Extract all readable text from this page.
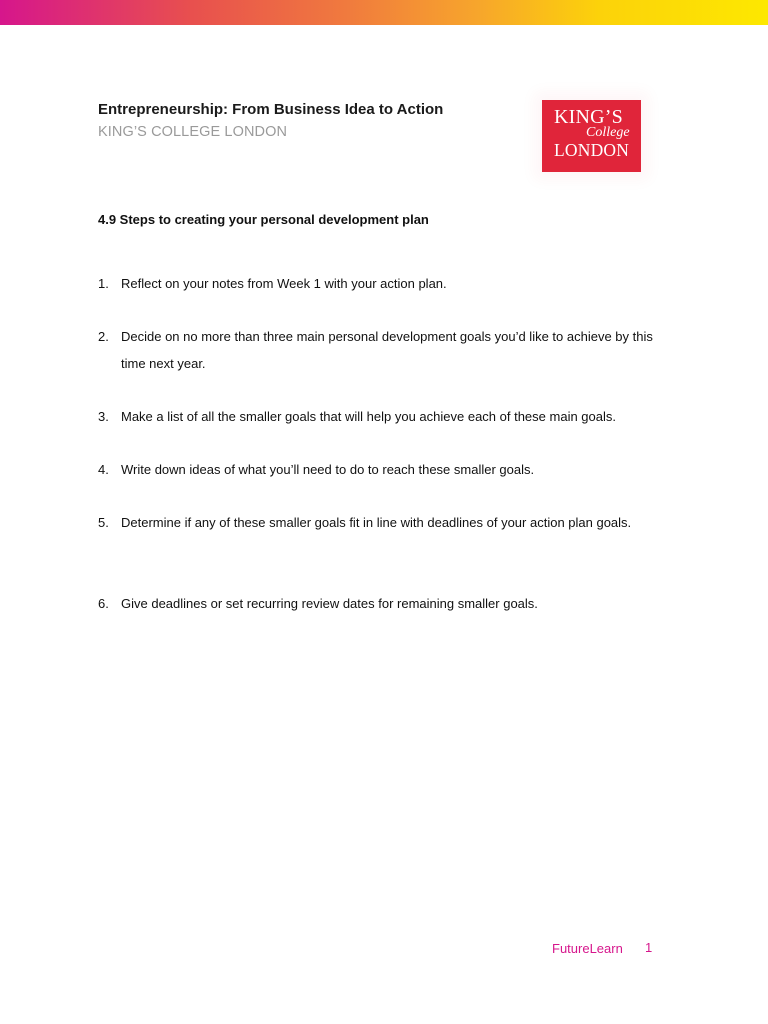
Entrepreneurship: From Business Idea to Action
KING’S COLLEGE LONDON
KING’S
College
LONDON
4.9 Steps to creating your personal development plan
1. Reflect on your notes from Week 1 with your action plan.
2. Decide on no more than three main personal development goals you’d like to achieve by this time next year.
3. Make a list of all the smaller goals that will help you achieve each of these main goals.
4. Write down ideas of what you’ll need to do to reach these smaller goals.
5. Determine if any of these smaller goals fit in line with deadlines of your action plan goals.
6. Give deadlines or set recurring review dates for remaining smaller goals.
FutureLearn 1
